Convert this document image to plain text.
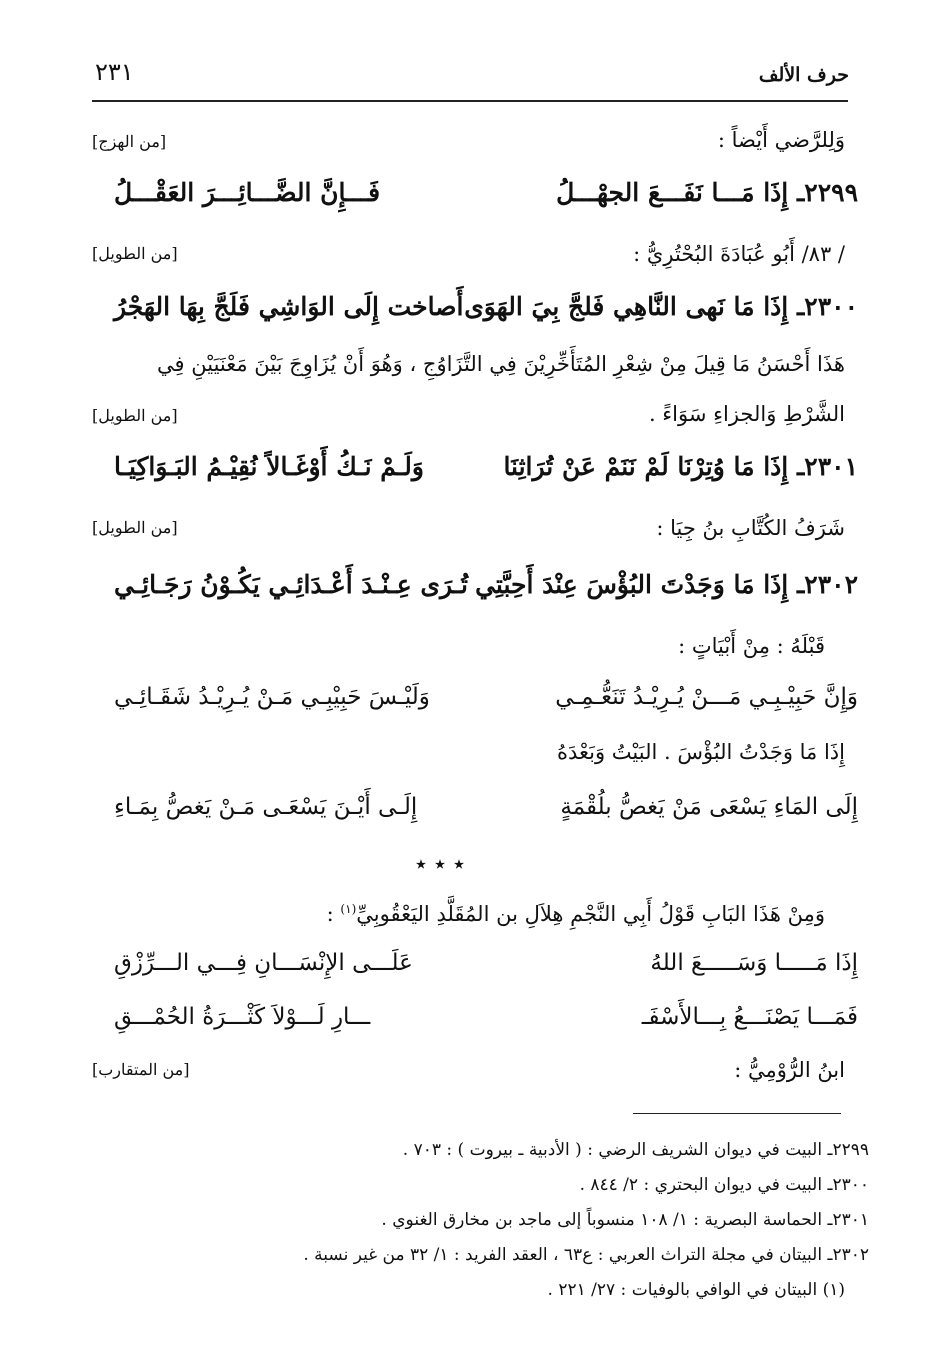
٢٣١	حرف الألف
وَلِلرَّضي أَيْضاً :
[من الهزج]
٢٢٩٩ـ إِذَا مَـــا نَفَـــعَ الجهْـــلُ
فَـــإِنَّ الضَّـــائِـــرَ العَقْـــلُ
/ ٨٣/ أَبُو عُبَادَةَ البُحْتُرِيُّ :
[من الطويل]
٢٣٠٠ـ إِذَا مَا نَهى النَّاهِي فَلجَّ بِيَ الهَوَى
أَصاخت إِلَى الوَاشِي فَلَجَّ بِهَا الهَجْرُ
هَذَا أَحْسَنُ مَا قِيلَ مِنْ شِعْرِ المُتَأَخِّرِيْنَ فِي التَّزَاوُجِ ، وَهُوَ أَنْ يُزَاوِجَ بَيْنَ مَعْنَيَيْنِ فِي
الشَّرْطِ وَالجزاءِ سَوَاءً .
[من الطويل]
٢٣٠١ـ إِذَا مَا وُتِرْنَا لَمْ نَنَمْ عَنْ تُرَاثِنَا
وَلَـمْ نَـكُ أَوْغَـالاً نُقِيْـمُ البَـوَاكِيَـا
شَرَفُ الكُتَّابِ بنُ جِيَا :
[من الطويل]
٢٣٠٢ـ إِذَا مَا وَجَدْتَ البُؤْسَ عِنْدَ أَحِبَّتِي
تُـرَى عِـنْـدَ أَعْـدَائِـي يَكُـوْنُ رَجَـائِـي
قَبْلَهُ : مِنْ أَبْيَاتٍ :
وَإِنَّ حَبِيْـبِـي مَـــنْ يُـرِيْـدُ تَنَعُّـمِـي
وَلَيْـسَ حَبِيْبِـي مَـنْ يُـرِيْـدُ شَقَـائِـي
إِذَا مَا وَجَدْتُ البُؤْسَ . البَيْتُ وَبَعْدَهُ
إِلَى المَاءِ يَسْعَى مَنْ يَغصُّ بلُقْمَةٍ
إِلَـى أَيْـنَ يَسْعَـى مَـنْ يَغصُّ بِمَـاءِ
٭ ٭ ٭
وَمِنْ هَذَا البَابِ قَوْلُ أَبِي النَّجْمِ هِلاَلِ بن المُقَلَّدِ اليَعْقُوبِيِّ$^{(١)}$ :
إِذَا مَـــــا وَسَـــــعَ اللهُ
عَلَـــى الإِنْسَـــانِ فِـــي الـــرِّزْقِ
فَمَـــا يَصْنَـــعُ بِـــالأَسْفَـ
ـــارِ لَـــوْلاَ كَثْـــرَةُ الحُمْـــقِ
ابنُ الرُّوْمِيُّ :
[من المتقارب]
٢٢٩٩ـ البيت في ديوان الشريف الرضي : ( الأدبية ـ بيروت ) : ٧٠٣ .
٢٣٠٠ـ البيت في ديوان البحتري : ٢/ ٨٤٤ .
٢٣٠١ـ الحماسة البصرية : ١/ ١٠٨ منسوباً إلى ماجد بن مخارق الغنوي .
٢٣٠٢ـ البيتان في مجلة التراث العربي : ع٦٣ ، العقد الفريد : ١/ ٣٢ من غير نسبة .
(١) البيتان في الوافي بالوفيات : ٢٧/ ٢٢١ .
